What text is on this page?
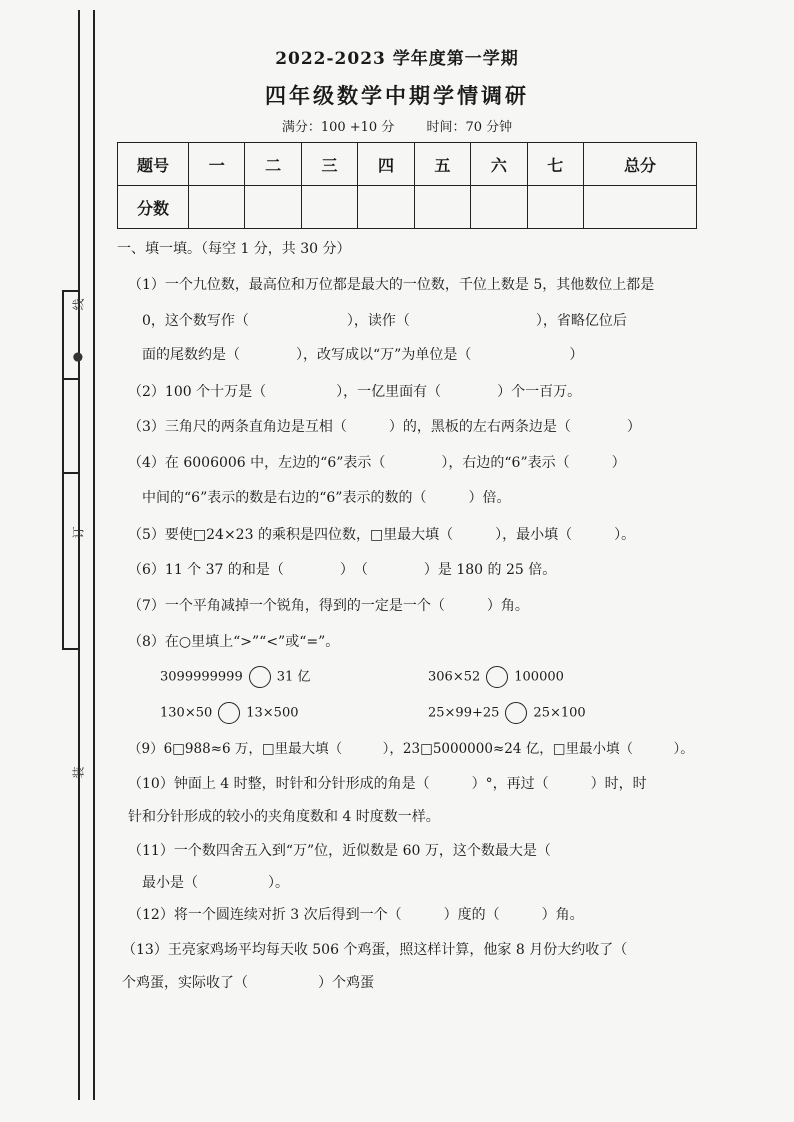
线
●
订
装
2022-2023 学年度第一学期
四年级数学中期学情调研
满分：100 +10 分 时间：70 分钟
题号	一	二	三	四	五	六	七	总分
分数								
一、填一填。（每空 1 分，共 30 分）
（1）一个九位数，最高位和万位都是最大的一位数，千位上数是 5，其他数位上都是
0，这个数写作（　　　　　　　），读作（　　　　　　　　　），省略亿位后
面的尾数约是（　　　　），改写成以“万”为单位是（　　　　　　　）
（2）100 个十万是（　　　　　），一亿里面有（　　　　）个一百万。
（3）三角尺的两条直角边是互相（　　　）的，黑板的左右两条边是（　　　　）
（4）在 6006006 中，左边的“6”表示（　　　　），右边的“6”表示（　　　）
中间的“6”表示的数是右边的“6”表示的数的（　　　）倍。
（5）要使□24×23 的乘积是四位数，□里最大填（　　　），最小填（　　　）。
（6）11 个 37 的和是（　　　　）　（　　　　）是 180 的 25 倍。
（7）一个平角减掉一个锐角，得到的一定是一个（　　　）角。
（8）在○里填上“>”“<”或“=”。
3099999999	31 亿	306×52	100000
130×50	13×500	25×99+25	25×100
（9）6□988≈6 万，□里最大填（　　　），23□5000000≈24 亿，□里最小填（　　　）。
（10）钟面上 4 时整，时针和分针形成的角是（　　　）°，再过（　　　）时，时
针和分针形成的较小的夹角度数和 4 时度数一样。
（11）一个数四舍五入到“万”位，近似数是 60 万，这个数最大是（
最小是（　　　　　）。
（12）将一个圆连续对折 3 次后得到一个（　　　）度的（　　　）角。
（13）王亮家鸡场平均每天收 506 个鸡蛋，照这样计算，他家 8 月份大约收了（
个鸡蛋，实际收了（　　　　　）个鸡蛋
